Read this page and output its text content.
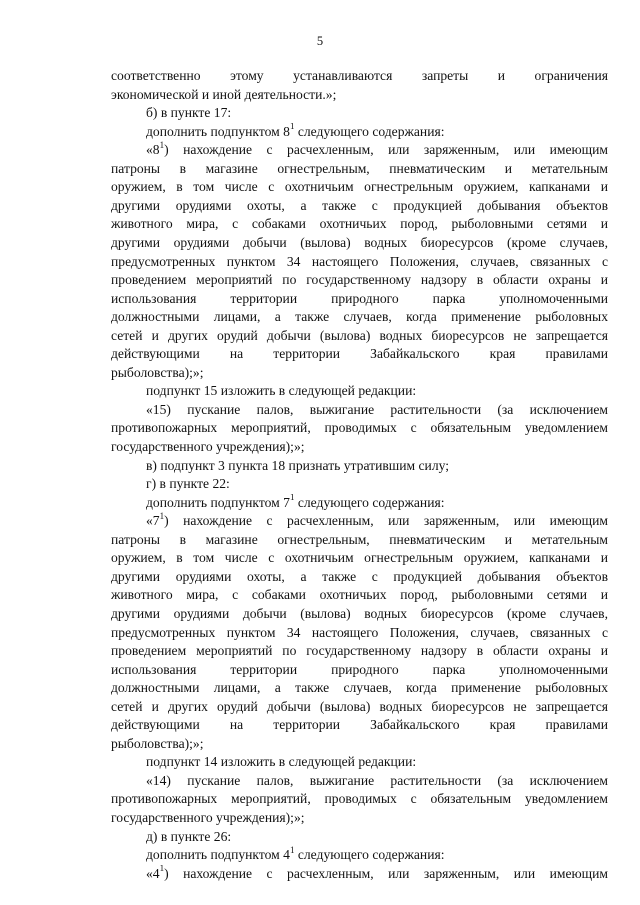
5
соответственно этому устанавливаются запреты и ограничения
экономической и иной деятельности.»;
б) в пункте 17:
дополнить подпунктом $8^1$ следующего содержания:
«$8^1$) нахождение с расчехленным, или заряженным, или имеющим
патроны в магазине огнестрельным, пневматическим и метательным
оружием, в том числе с охотничьим огнестрельным оружием, капканами и
другими орудиями охоты, а также с продукцией добывания объектов
животного мира, с собаками охотничьих пород, рыболовными сетями и
другими орудиями добычи (вылова) водных биоресурсов (кроме случаев,
предусмотренных пунктом 34 настоящего Положения, случаев, связанных с
проведением мероприятий по государственному надзору в области охраны и
использования территории природного парка уполномоченными
должностными лицами, а также случаев, когда применение рыболовных
сетей и других орудий добычи (вылова) водных биоресурсов не запрещается
действующими на территории Забайкальского края правилами
рыболовства);»;
подпункт 15 изложить в следующей редакции:
«15) пускание палов, выжигание растительности (за исключением
противопожарных мероприятий, проводимых с обязательным уведомлением
государственного учреждения);»;
в) подпункт 3 пункта 18 признать утратившим силу;
г) в пункте 22:
дополнить подпунктом $7^1$ следующего содержания:
«$7^1$) нахождение с расчехленным, или заряженным, или имеющим
патроны в магазине огнестрельным, пневматическим и метательным
оружием, в том числе с охотничьим огнестрельным оружием, капканами и
другими орудиями охоты, а также с продукцией добывания объектов
животного мира, с собаками охотничьих пород, рыболовными сетями и
другими орудиями добычи (вылова) водных биоресурсов (кроме случаев,
предусмотренных пунктом 34 настоящего Положения, случаев, связанных с
проведением мероприятий по государственному надзору в области охраны и
использования территории природного парка уполномоченными
должностными лицами, а также случаев, когда применение рыболовных
сетей и других орудий добычи (вылова) водных биоресурсов не запрещается
действующими на территории Забайкальского края правилами
рыболовства);»;
подпункт 14 изложить в следующей редакции:
«14) пускание палов, выжигание растительности (за исключением
противопожарных мероприятий, проводимых с обязательным уведомлением
государственного учреждения);»;
д) в пункте 26:
дополнить подпунктом $4^1$ следующего содержания:
«$4^1$) нахождение с расчехленным, или заряженным, или имеющим
